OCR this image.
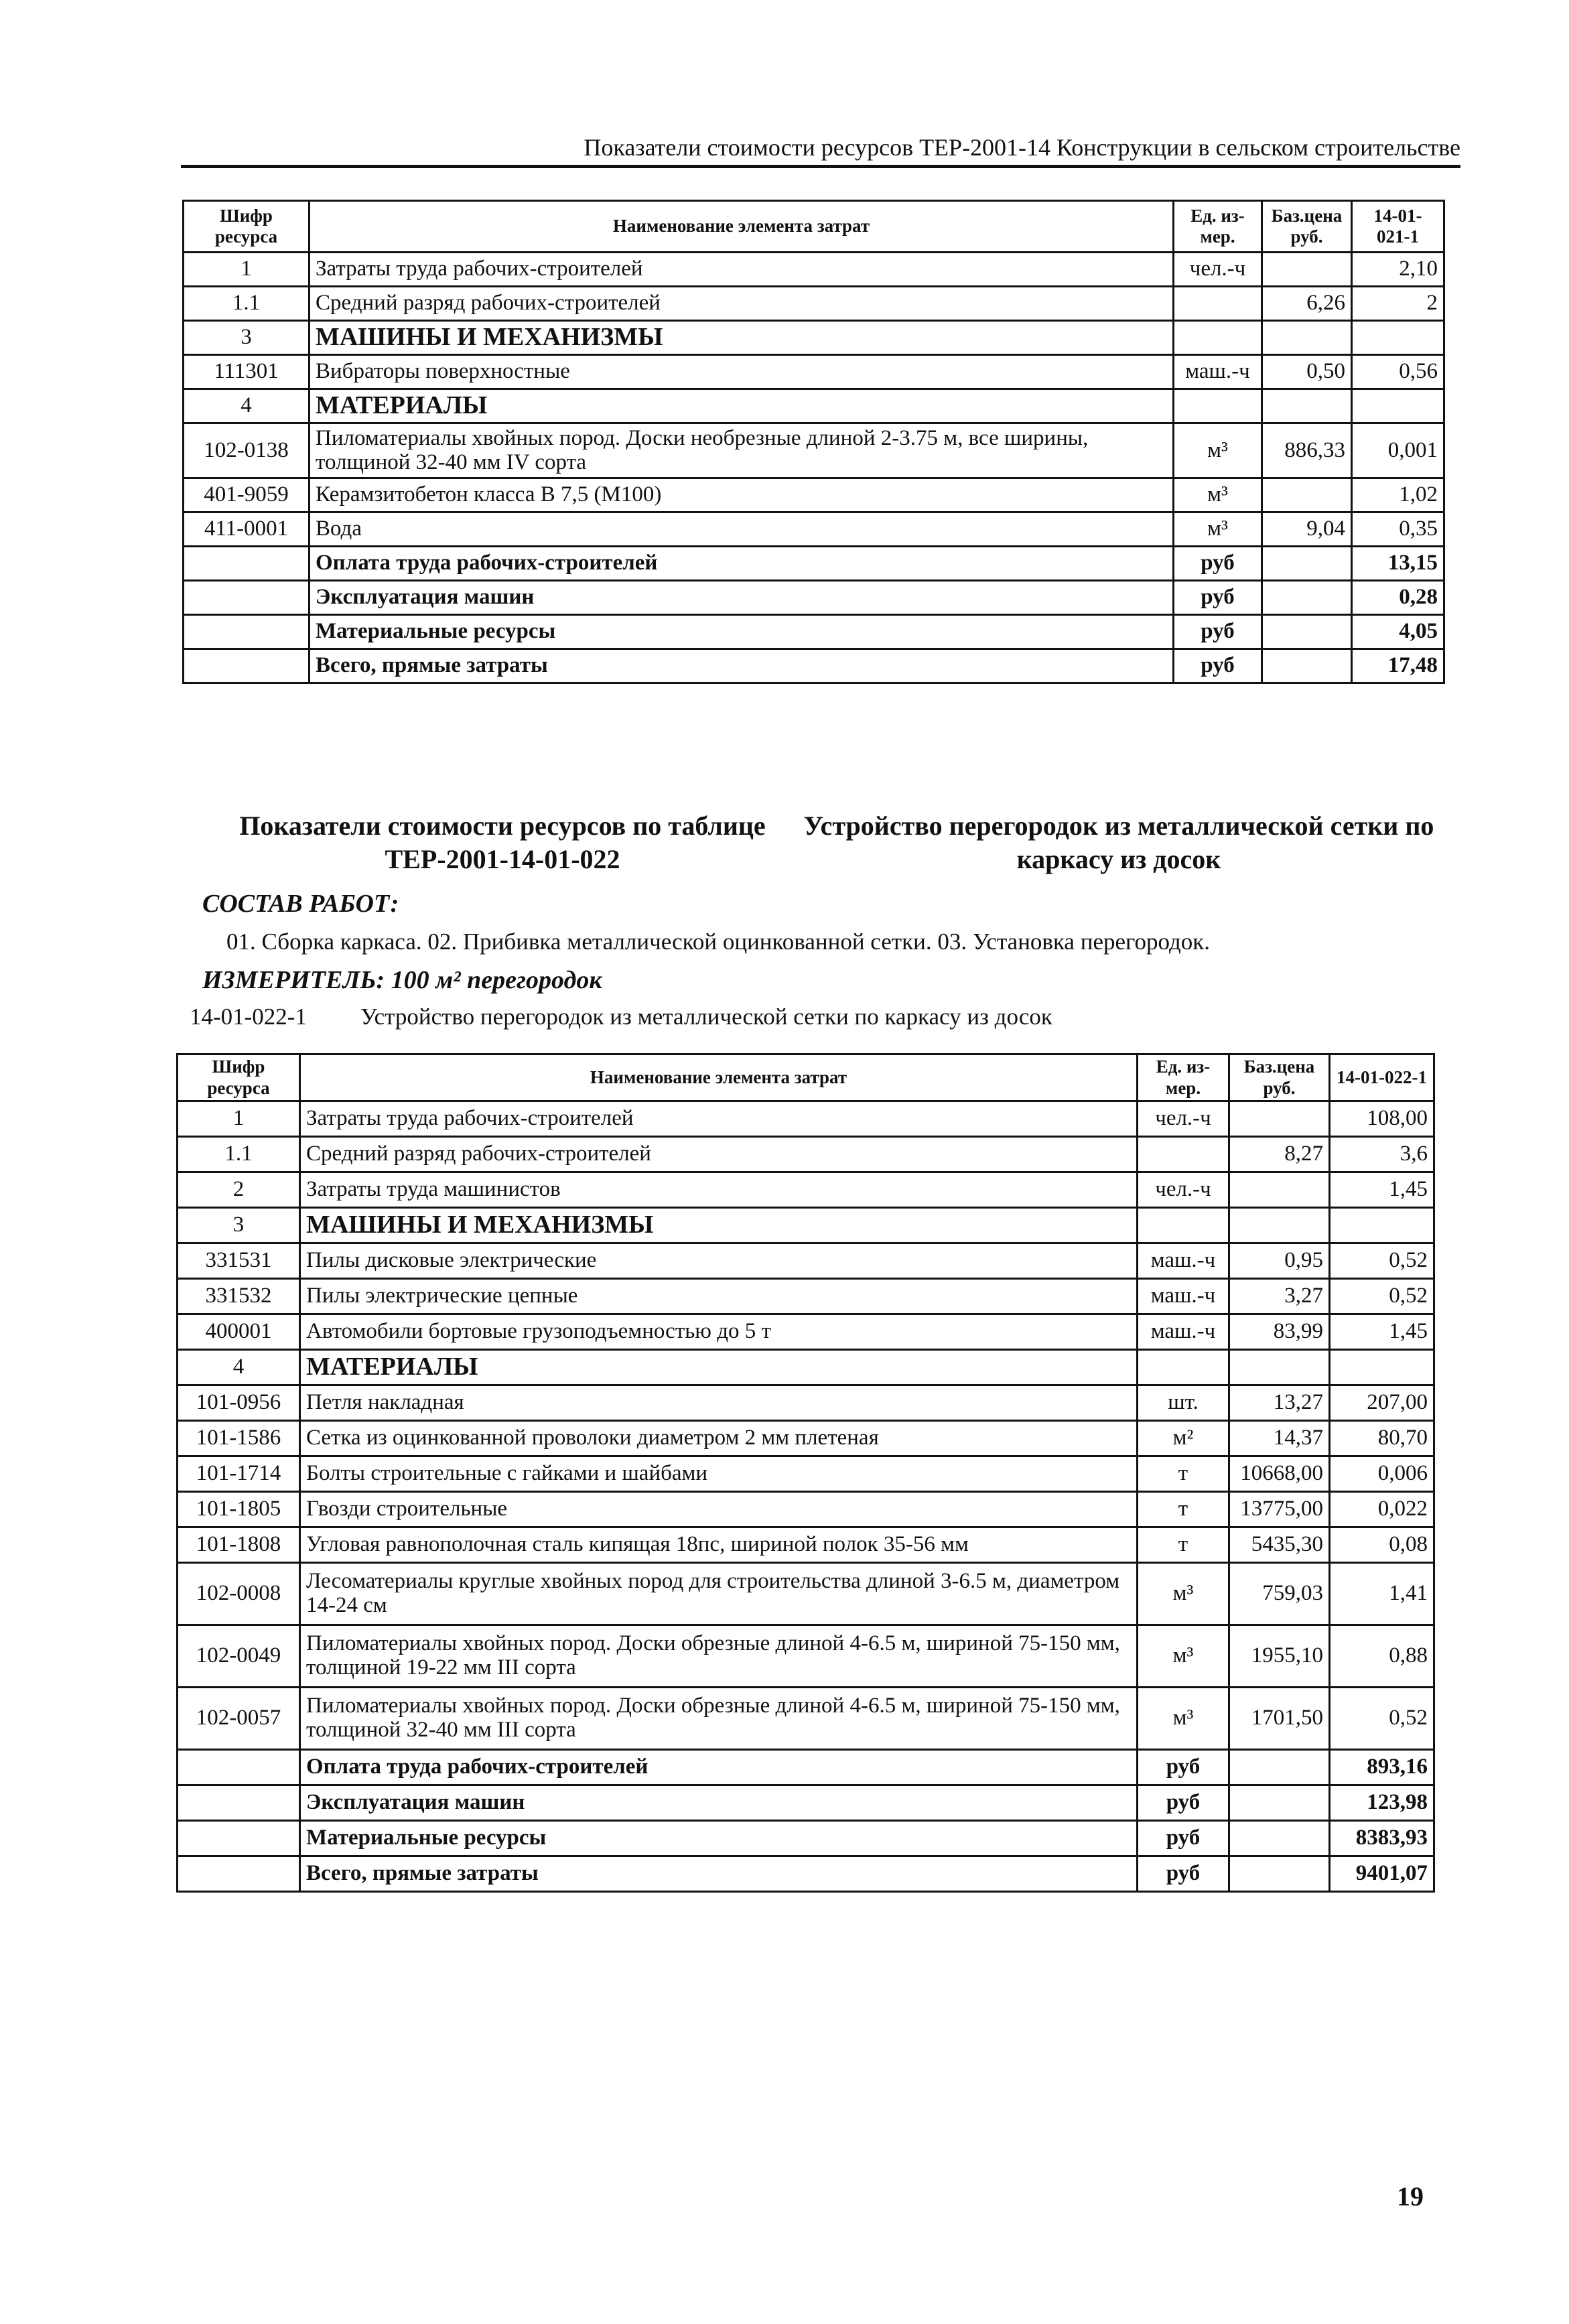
Показатели стоимости ресурсов ТЕР-2001-14 Конструкции в сельском строительстве
Шифр ресурса	Наименование элемента затрат	Ед. из-мер.	Баз.цена руб.	14-01-021-1
1	Затраты труда рабочих-строителей	чел.-ч		2,10
1.1	Средний разряд рабочих-строителей		6,26	2
3	МАШИНЫ И МЕХАНИЗМЫ			
111301	Вибраторы поверхностные	маш.-ч	0,50	0,56
4	МАТЕРИАЛЫ			
102-0138	Пиломатериалы хвойных пород. Доски необрезные длиной 2-3.75 м, все ширины, толщиной 32-40 мм IV сорта	м³	886,33	0,001
401-9059	Керамзитобетон класса В 7,5 (М100)	м³		1,02
411-0001	Вода	м³	9,04	0,35
	Оплата труда рабочих-строителей	руб		13,15
	Эксплуатация машин	руб		0,28
	Материальные ресурсы	руб		4,05
	Всего, прямые затраты	руб		17,48
Показатели стоимости ресурсов по таблице ТЕР-2001-14-01-022
Устройство перегородок из металлической сетки по каркасу из досок
СОСТАВ РАБОТ:
01. Сборка каркаса. 02. Прибивка металлической оцинкованной сетки. 03. Установка перегородок.
ИЗМЕРИТЕЛЬ: 100 м² перегородок
14-01-022-1 Устройство перегородок из металлической сетки по каркасу из досок
Шифр ресурса	Наименование элемента затрат	Ед. из-мер.	Баз.цена руб.	14-01-022-1
1	Затраты труда рабочих-строителей	чел.-ч		108,00
1.1	Средний разряд рабочих-строителей		8,27	3,6
2	Затраты труда машинистов	чел.-ч		1,45
3	МАШИНЫ И МЕХАНИЗМЫ			
331531	Пилы дисковые электрические	маш.-ч	0,95	0,52
331532	Пилы электрические цепные	маш.-ч	3,27	0,52
400001	Автомобили бортовые грузоподъемностью до 5 т	маш.-ч	83,99	1,45
4	МАТЕРИАЛЫ			
101-0956	Петля накладная	шт.	13,27	207,00
101-1586	Сетка из оцинкованной проволоки диаметром 2 мм плетеная	м²	14,37	80,70
101-1714	Болты строительные с гайками и шайбами	т	10668,00	0,006
101-1805	Гвозди строительные	т	13775,00	0,022
101-1808	Угловая равнополочная сталь кипящая 18пс, шириной полок 35-56 мм	т	5435,30	0,08
102-0008	Лесоматериалы круглые хвойных пород для строительства длиной 3-6.5 м, диаметром 14-24 см	м³	759,03	1,41
102-0049	Пиломатериалы хвойных пород. Доски обрезные длиной 4-6.5 м, шириной 75-150 мм, толщиной 19-22 мм III сорта	м³	1955,10	0,88
102-0057	Пиломатериалы хвойных пород. Доски обрезные длиной 4-6.5 м, шириной 75-150 мм, толщиной 32-40 мм III сорта	м³	1701,50	0,52
	Оплата труда рабочих-строителей	руб		893,16
	Эксплуатация машин	руб		123,98
	Материальные ресурсы	руб		8383,93
	Всего, прямые затраты	руб		9401,07
19
